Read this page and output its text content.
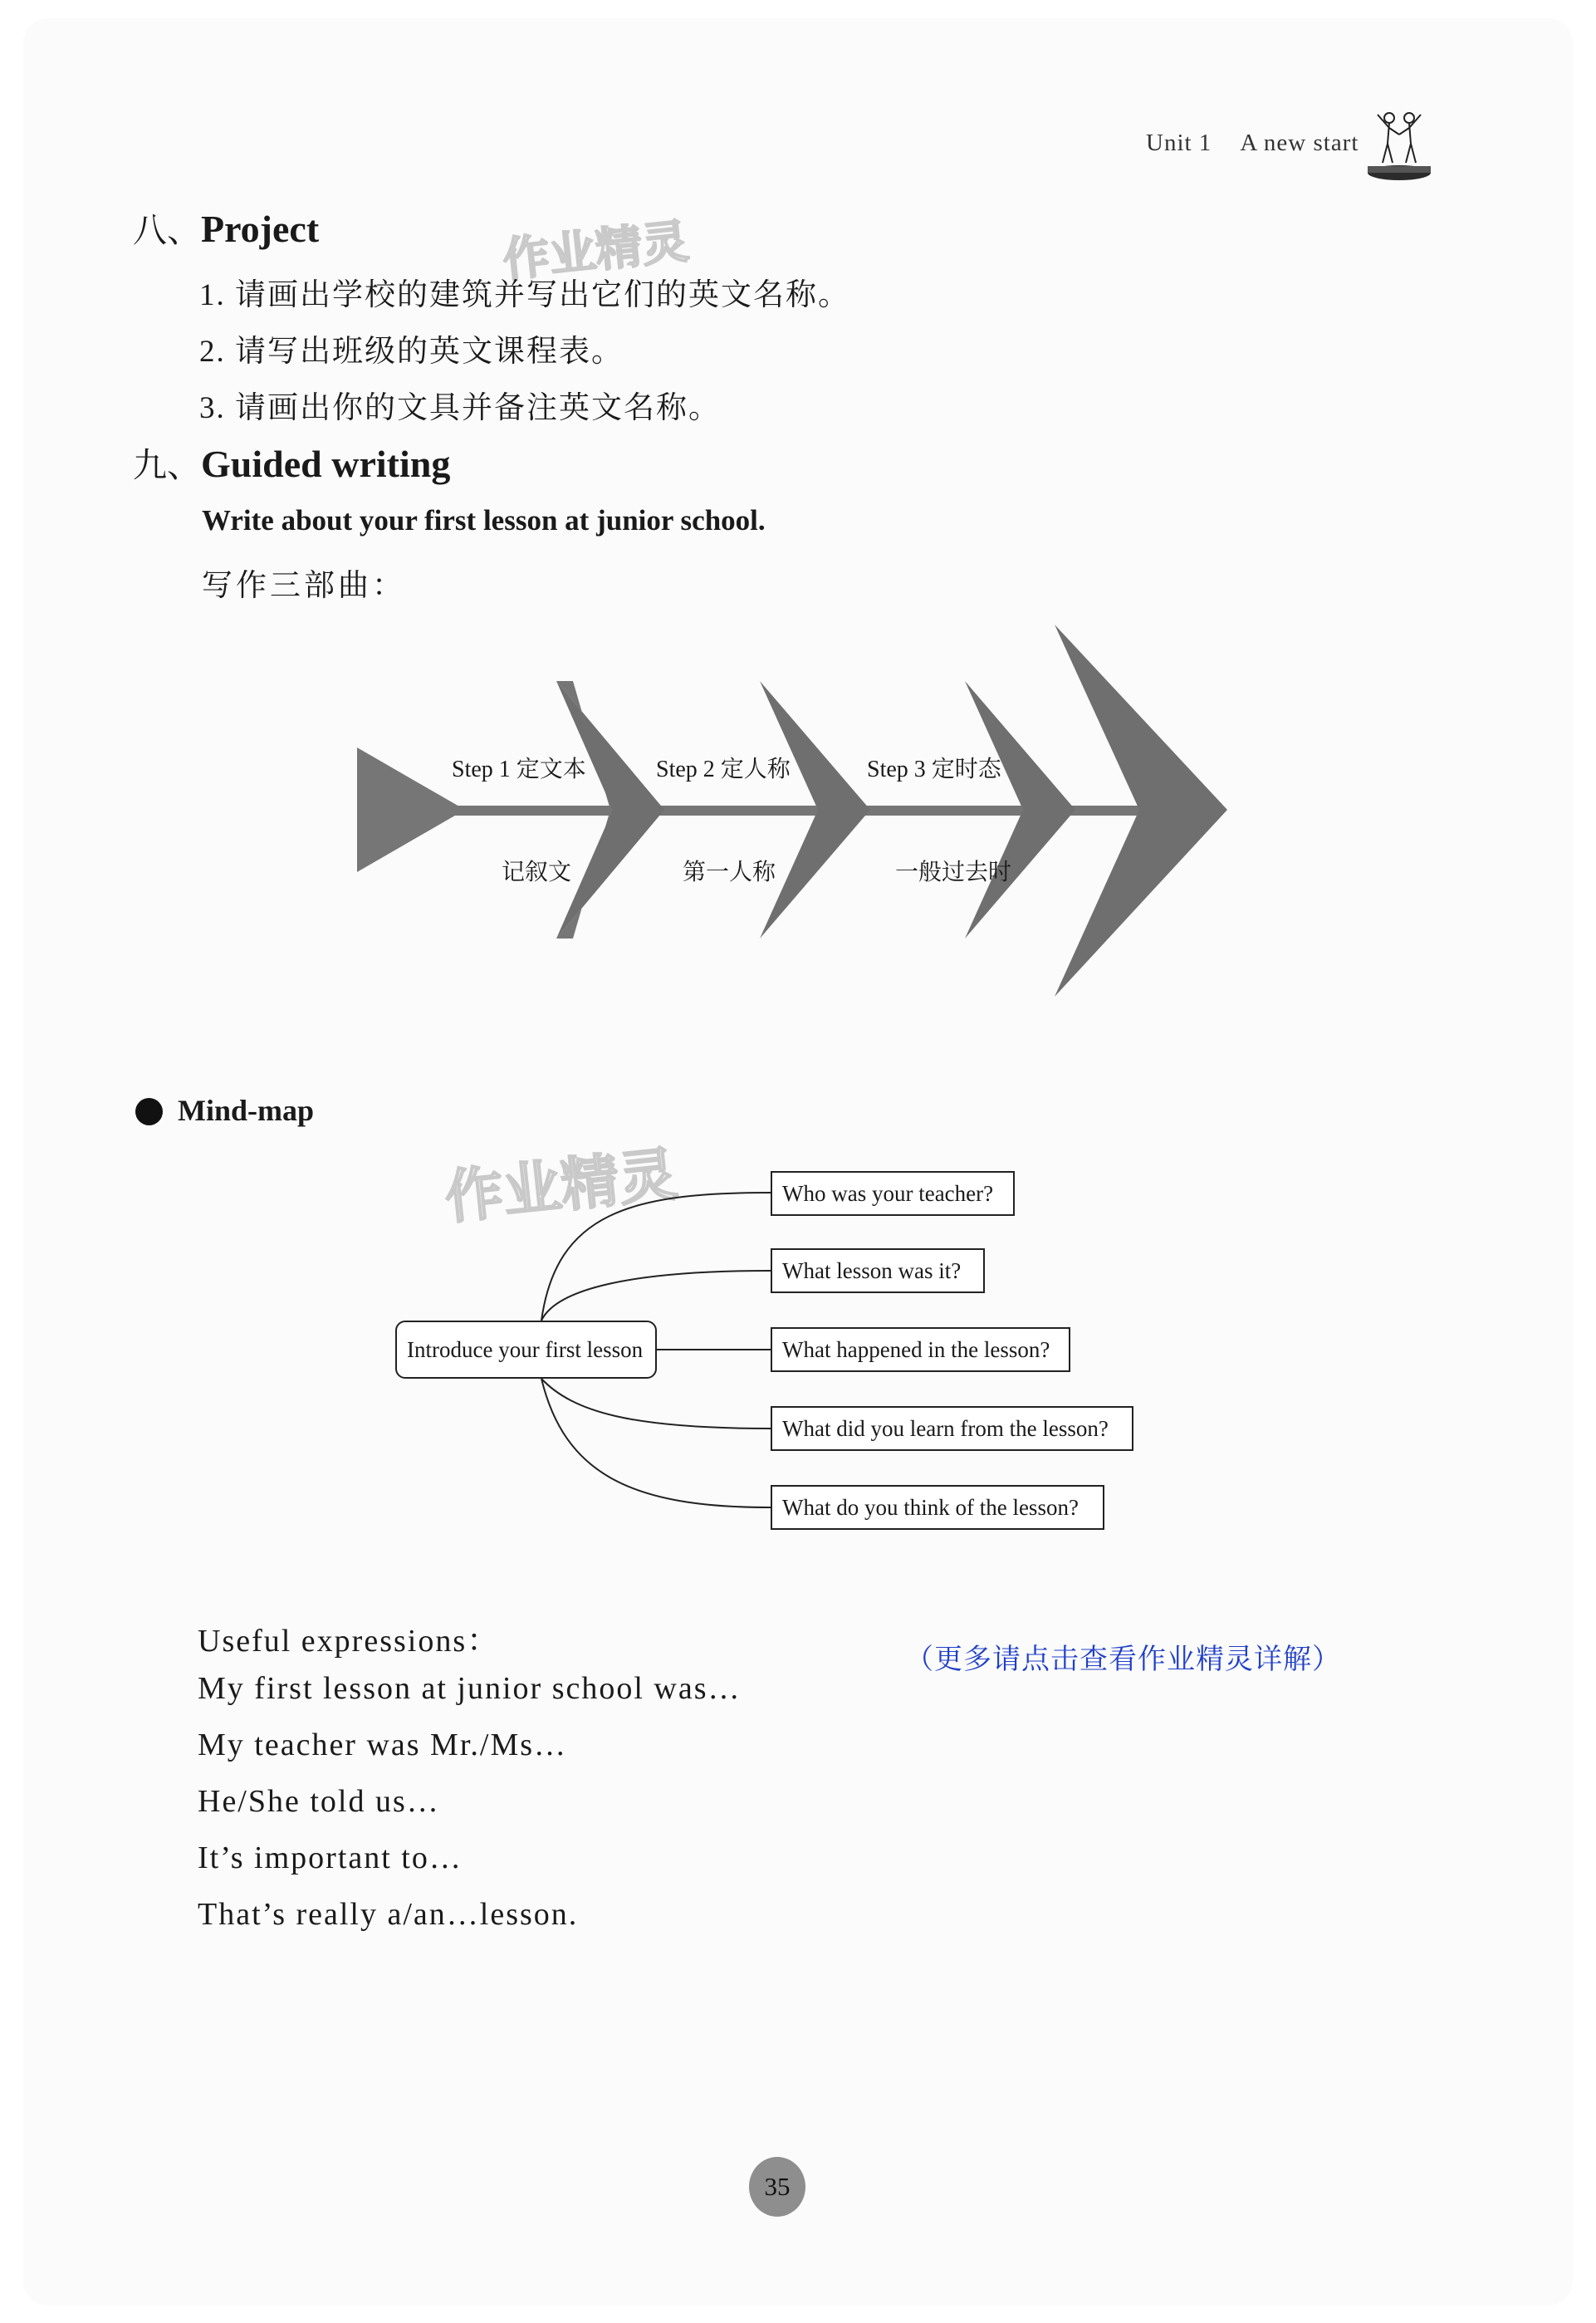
Unit 1 A new start
八、Project	作业精灵
1. 请画出学校的建筑并写出它们的英文名称。
2. 请写出班级的英文课程表。
3. 请画出你的文具并备注英文名称。
九、Guided writing
Write about your first lesson at junior school.
写作三部曲：
Step 1 定文本	Step 2 定人称	Step 3 定时态
记叙文	第一人称	一般过去时
Mind-map
作业精灵
Introduce your first lesson
Who was your teacher?
What lesson was it?
What happened in the lesson?
What did you learn from the lesson?
What do you think of the lesson?
Useful expressions：
My first lesson at junior school was…
My teacher was Mr./Ms…
He/She told us…
It’s important to…
That’s really a/an…lesson.
（更多请点击查看作业精灵详解）
35
